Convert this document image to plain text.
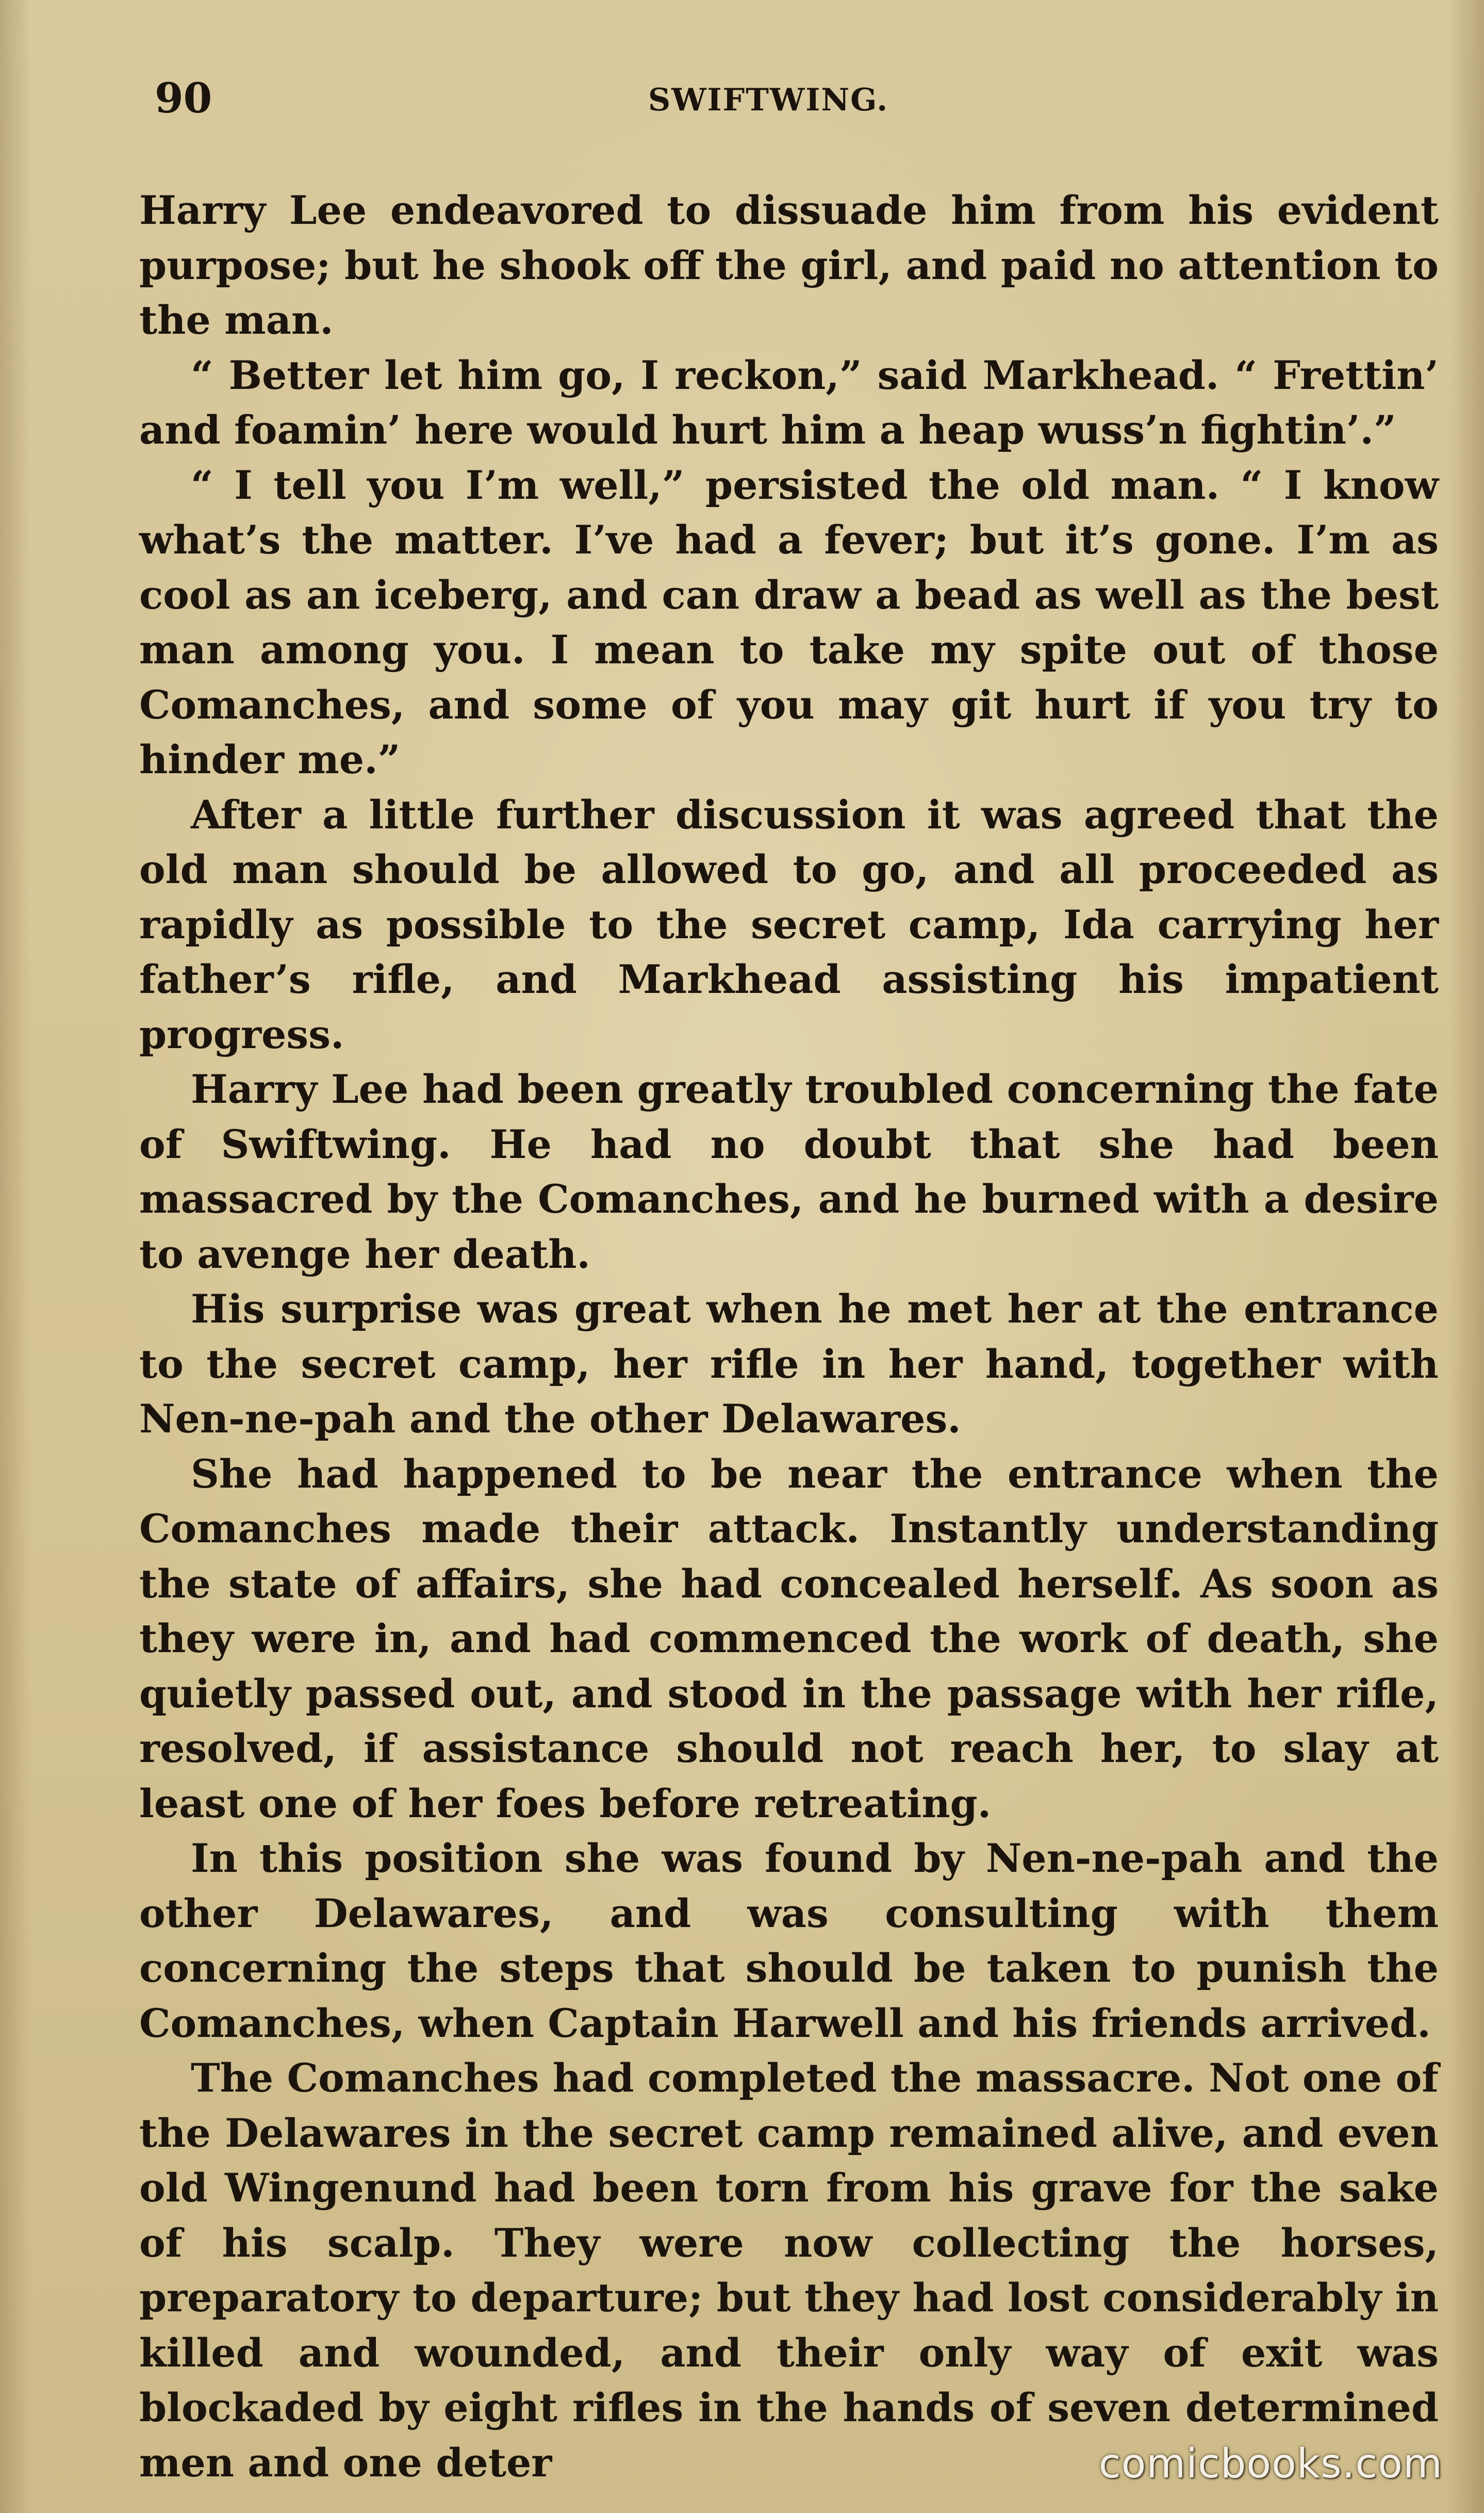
90	SWIFTWING.

Harry Lee endeavored to dissuade him from his evident purpose; but he shook off the girl, and paid no attention to the man.

“ Better let him go, I reckon,” said Markhead. “ Frettin’ and foamin’ here would hurt him a heap wuss’n fightin’.”

“ I tell you I’m well,” persisted the old man. “ I know what’s the matter. I’ve had a fever; but it’s gone. I’m as cool as an iceberg, and can draw a bead as well as the best man among you. I mean to take my spite out of those Comanches, and some of you may git hurt if you try to hinder me.”

After a little further discussion it was agreed that the old man should be allowed to go, and all proceeded as rapidly as possible to the secret camp, Ida carrying her father’s rifle, and Markhead assisting his impatient progress.

Harry Lee had been greatly troubled concerning the fate of Swiftwing. He had no doubt that she had been massacred by the Comanches, and he burned with a desire to avenge her death.

His surprise was great when he met her at the entrance to the secret camp, her rifle in her hand, together with Nen-ne-pah and the other Delawares.

She had happened to be near the entrance when the Comanches made their attack. Instantly understanding the state of affairs, she had concealed herself. As soon as they were in, and had commenced the work of death, she quietly passed out, and stood in the passage with her rifle, resolved, if assistance should not reach her, to slay at least one of her foes before retreating.

In this position she was found by Nen-ne-pah and the other Delawares, and was consulting with them concerning the steps that should be taken to punish the Comanches, when Captain Harwell and his friends arrived.

The Comanches had completed the massacre. Not one of the Delawares in the secret camp remained alive, and even old Wingenund had been torn from his grave for the sake of his scalp. They were now collecting the horses, preparatory to departure; but they had lost considerably in killed and wounded, and their only way of exit was blockaded by eight rifles in the hands of seven determined men and one deter	comicbooks.com
